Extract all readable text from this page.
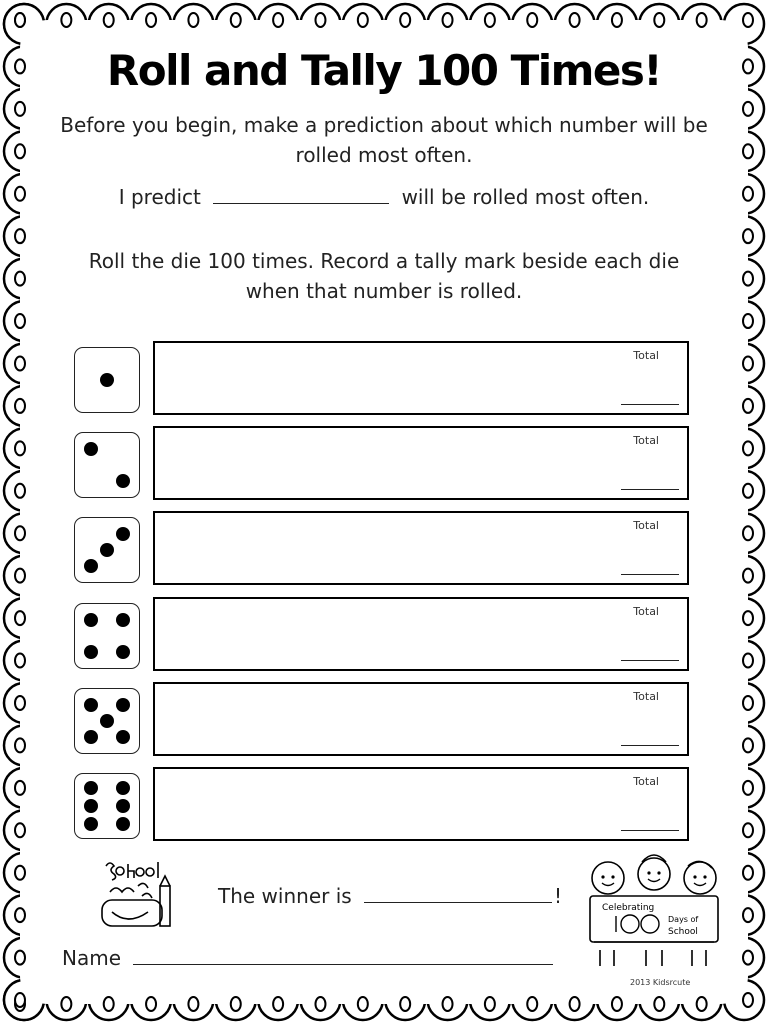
Roll and Tally 100 Times!
Before you begin, make a prediction about which number will be rolled most often.
I predict	will be rolled most often.
Roll the die 100 times. Record a tally mark beside each die when that number is rolled.
Total
Total
Total
Total
Total
Total
The winner is	!
Name
Celebrating
Days of
School
2013 Kidsrcute
